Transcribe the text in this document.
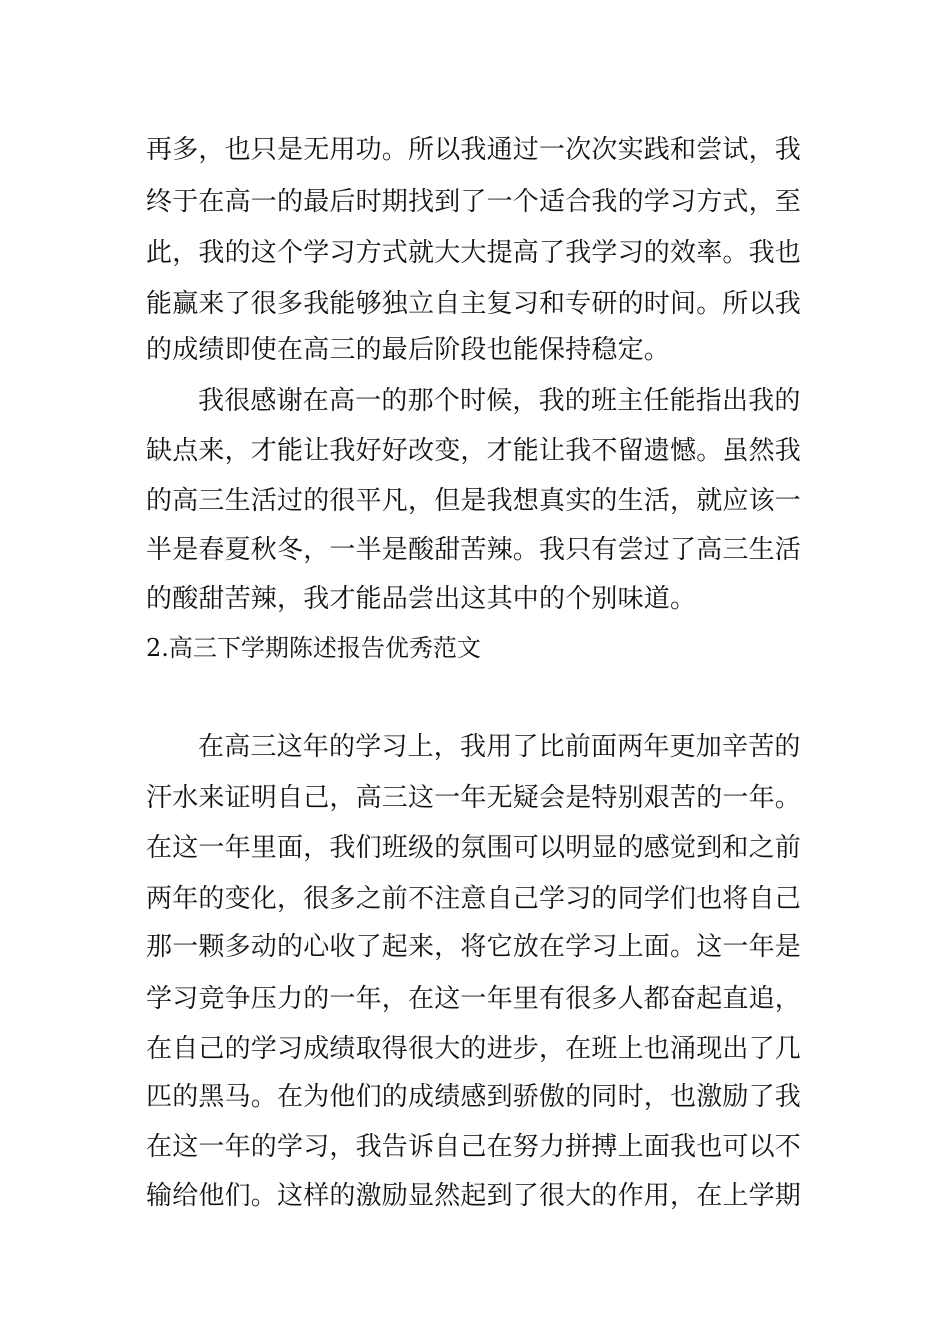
再多，也只是无用功。所以我通过一次次实践和尝试，我
终于在高一的最后时期找到了一个适合我的学习方式，至
此，我的这个学习方式就大大提高了我学习的效率。我也
能赢来了很多我能够独立自主复习和专研的时间。所以我
的成绩即使在高三的最后阶段也能保持稳定。
我很感谢在高一的那个时候，我的班主任能指出我的
缺点来，才能让我好好改变，才能让我不留遗憾。虽然我
的高三生活过的很平凡，但是我想真实的生活，就应该一
半是春夏秋冬，一半是酸甜苦辣。我只有尝过了高三生活
的酸甜苦辣，我才能品尝出这其中的个别味道。
2.高三下学期陈述报告优秀范文
在高三这年的学习上，我用了比前面两年更加辛苦的
汗水来证明自己，高三这一年无疑会是特别艰苦的一年。
在这一年里面，我们班级的氛围可以明显的感觉到和之前
两年的变化，很多之前不注意自己学习的同学们也将自己
那一颗多动的心收了起来，将它放在学习上面。这一年是
学习竞争压力的一年，在这一年里有很多人都奋起直追，
在自己的学习成绩取得很大的进步，在班上也涌现出了几
匹的黑马。在为他们的成绩感到骄傲的同时，也激励了我
在这一年的学习，我告诉自己在努力拼搏上面我也可以不
输给他们。这样的激励显然起到了很大的作用，在上学期
